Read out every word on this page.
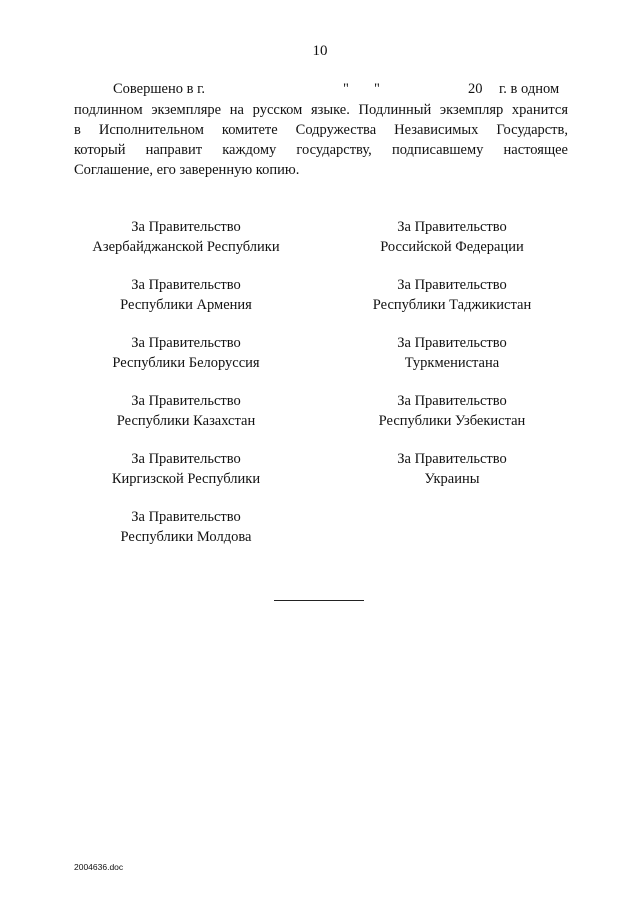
10
Совершено в г.	" "	20 г. в одном
подлинном экземпляре на русском языке. Подлинный экземпляр хранится
в Исполнительном комитете Содружества Независимых Государств,
который направит каждому государству, подписавшему настоящее
Соглашение, его заверенную копию.
За Правительство
Азербайджанской Республики
За Правительство
Республики Армения
За Правительство
Республики Белоруссия
За Правительство
Республики Казахстан
За Правительство
Киргизской Республики
За Правительство
Республики Молдова
За Правительство
Российской Федерации
За Правительство
Республики Таджикистан
За Правительство
Туркменистана
За Правительство
Республики Узбекистан
За Правительство
Украины
2004636.doc
